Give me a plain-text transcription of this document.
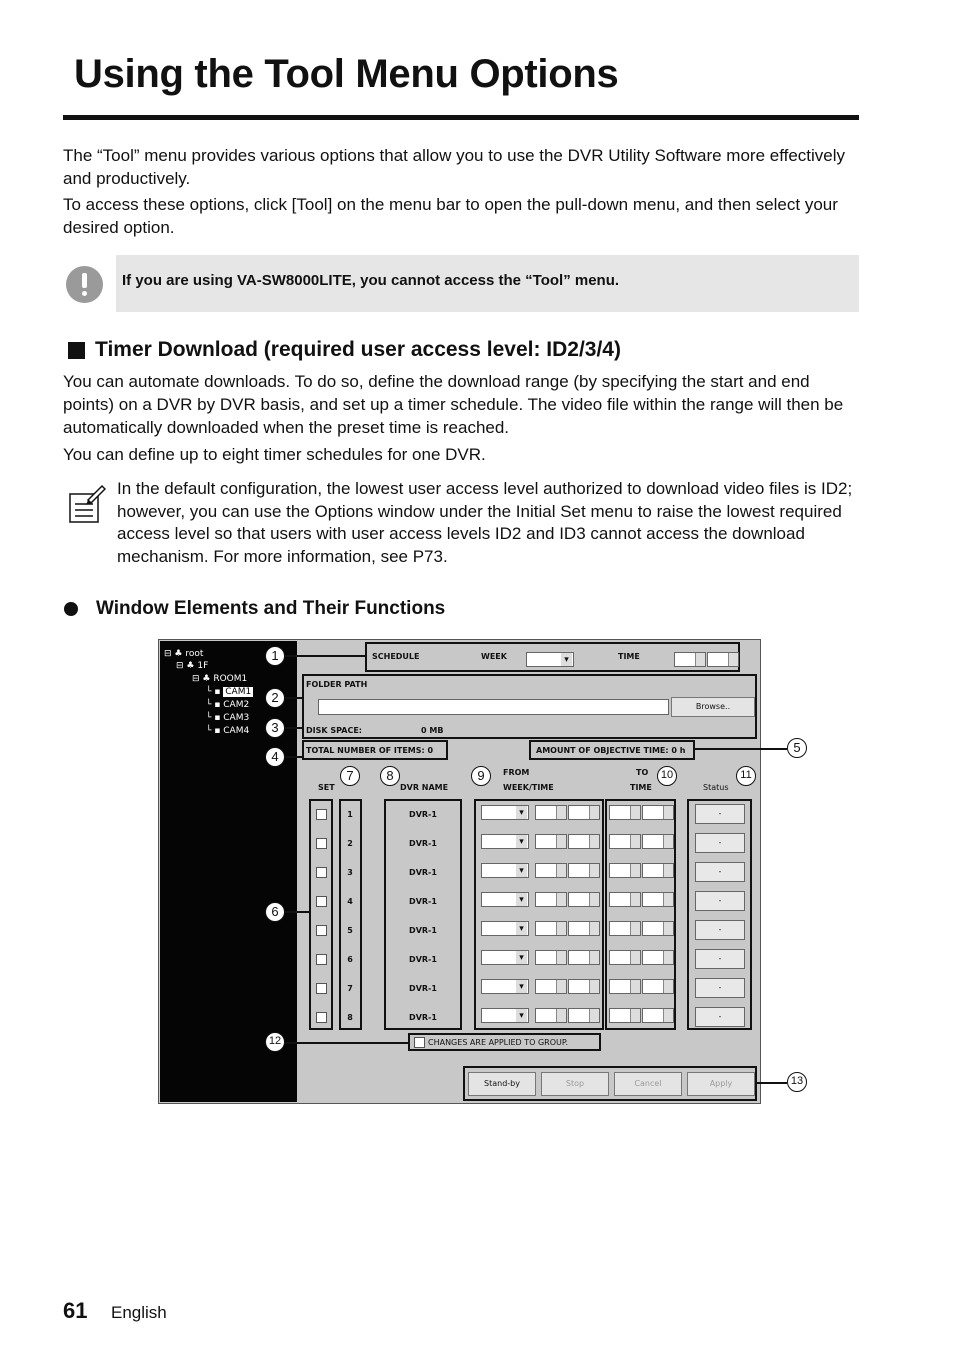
Using the Tool Menu Options

The “Tool” menu provides various options that allow you to use the DVR Utility Software more effectively and productively.

To access these options, click [Tool] on the menu bar to open the pull-down menu, and then select your desired option.

If you are using VA-SW8000LITE, you cannot access the “Tool” menu.
Timer Download (required user access level: ID2/3/4)

You can automate downloads. To do so, define the download range (by specifying the start and end points) on a DVR by DVR basis, and set up a timer schedule. The video file within the range will then be automatically downloaded when the preset time is reached.

You can define up to eight timer schedules for one DVR.

In the default configuration, the lowest user access level authorized to download video files is ID2; however, you can use the Options window under the Initial Set menu to raise the lowest required access level so that users with user access levels ID2 and ID3 cannot access the download mechanism. For more information, see P73.

Window Elements and Their Functions
⊟ ♣ root
⊟ ♣ 1F
⊟ ♣ ROOM1
└ ▪ CAM1
└ ▪ CAM2
└ ▪ CAM3
└ ▪ CAM4
SCHEDULE	WEEK ▾	TIME
FOLDER PATH
Browse..
DISK SPACE:	0 MB
TOTAL NUMBER OF ITEMS: 0	AMOUNT OF OBJECTIVE TIME: 0 h
SET	DVR NAME
FROM
WEEK/TIME
TO
TIME	Status
1	DVR-1 ▾	-
2	DVR-1 ▾	-
3	DVR-1 ▾	-
4	DVR-1 ▾	-
5	DVR-1 ▾	-
6	DVR-1 ▾	-
7	DVR-1 ▾	-
8	DVR-1 ▾	-
CHANGES ARE APPLIED TO GROUP.
Stand-by	Stop	Cancel	Apply
1
2
3
4
5
6
7	8	9	10	11
12
13
61 English
